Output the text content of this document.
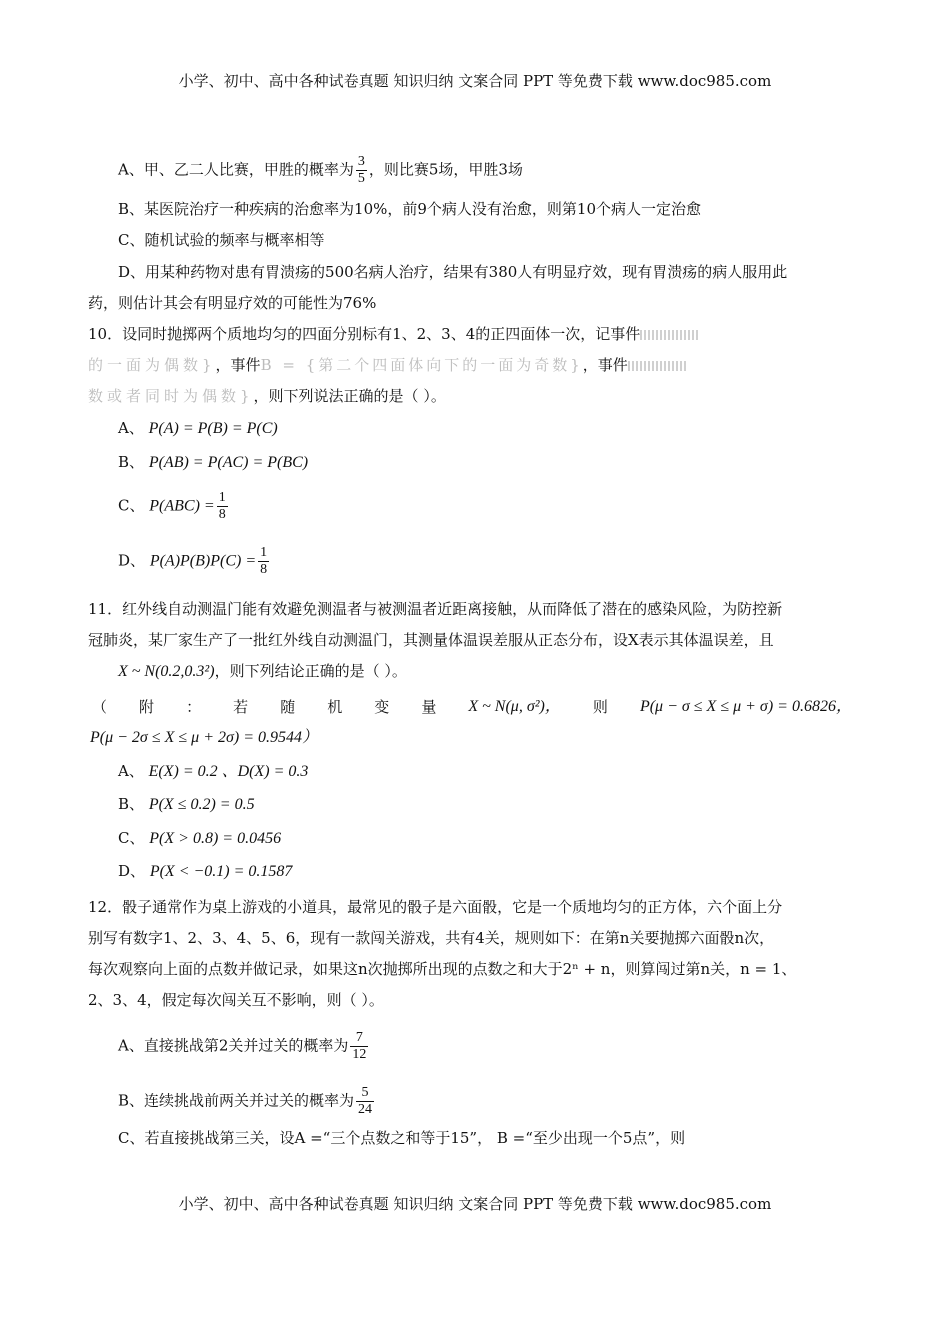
小学、初中、高中各种试卷真题 知识归纳 文案合同 PPT 等免费下载 www.doc985.com
A、甲、乙二人比赛，甲胜的概率为 $\frac{3}{5}$ ，则比赛5场，甲胜3场
B、某医院治疗一种疾病的治愈率为10%，前9个病人没有治愈，则第10个病人一定治愈
C、随机试验的频率与概率相等
D、用某种药物对患有胃溃疡的500名病人治疗，结果有380人有明显疗效，现有胃溃疡的病人服用此
药，则估计其会有明显疗效的可能性为76%
10．设同时抛掷两个质地均匀的四面分别标有1、2、3、4的正四面体一次，记事件
的一面为偶数}，事件B = {第二个四面体向下的一面为奇数}，事件
数或者同时为偶数}，则下列说法正确的是（ ）。
A、 P(A) = P(B) = P(C)
B、 P(AB) = P(AC) = P(BC)
C、 $P(ABC) = \frac{1}{8}$
D、 $P(A)P(B)P(C) = \frac{1}{8}$
11．红外线自动测温门能有效避免测温者与被测温者近距离接触，从而降低了潜在的感染风险，为防控新
冠肺炎，某厂家生产了一批红外线自动测温门，其测量体温误差服从正态分布，设X表示其体温误差，且
X ~ N(0.2,0.3²)，则下列结论正确的是（ ）。
（ 附 ： 若 随 机 变 量 X ~ N(μ, σ²)， 则 P(μ − σ ≤ X ≤ μ + σ) = 0.6826，
P(μ − 2σ ≤ X ≤ μ + 2σ) = 0.9544）
A、 E(X) = 0.2 、D(X) = 0.3
B、 P(X ≤ 0.2) = 0.5
C、 P(X > 0.8) = 0.0456
D、 P(X < −0.1) = 0.1587
12．骰子通常作为桌上游戏的小道具，最常见的骰子是六面骰，它是一个质地均匀的正方体，六个面上分
别写有数字1、2、3、4、5、6，现有一款闯关游戏，共有4关，规则如下：在第n关要抛掷六面骰n次，
每次观察向上面的点数并做记录，如果这n次抛掷所出现的点数之和大于2ⁿ + n，则算闯过第n关，n = 1、
2、3、4，假定每次闯关互不影响，则（ ）。
A、直接挑战第2关并过关的概率为 $\frac{7}{12}$
B、连续挑战前两关并过关的概率为 $\frac{5}{24}$
C、若直接挑战第三关，设A =“三个点数之和等于15”， B =“至少出现一个5点”，则
小学、初中、高中各种试卷真题 知识归纳 文案合同 PPT 等免费下载 www.doc985.com
